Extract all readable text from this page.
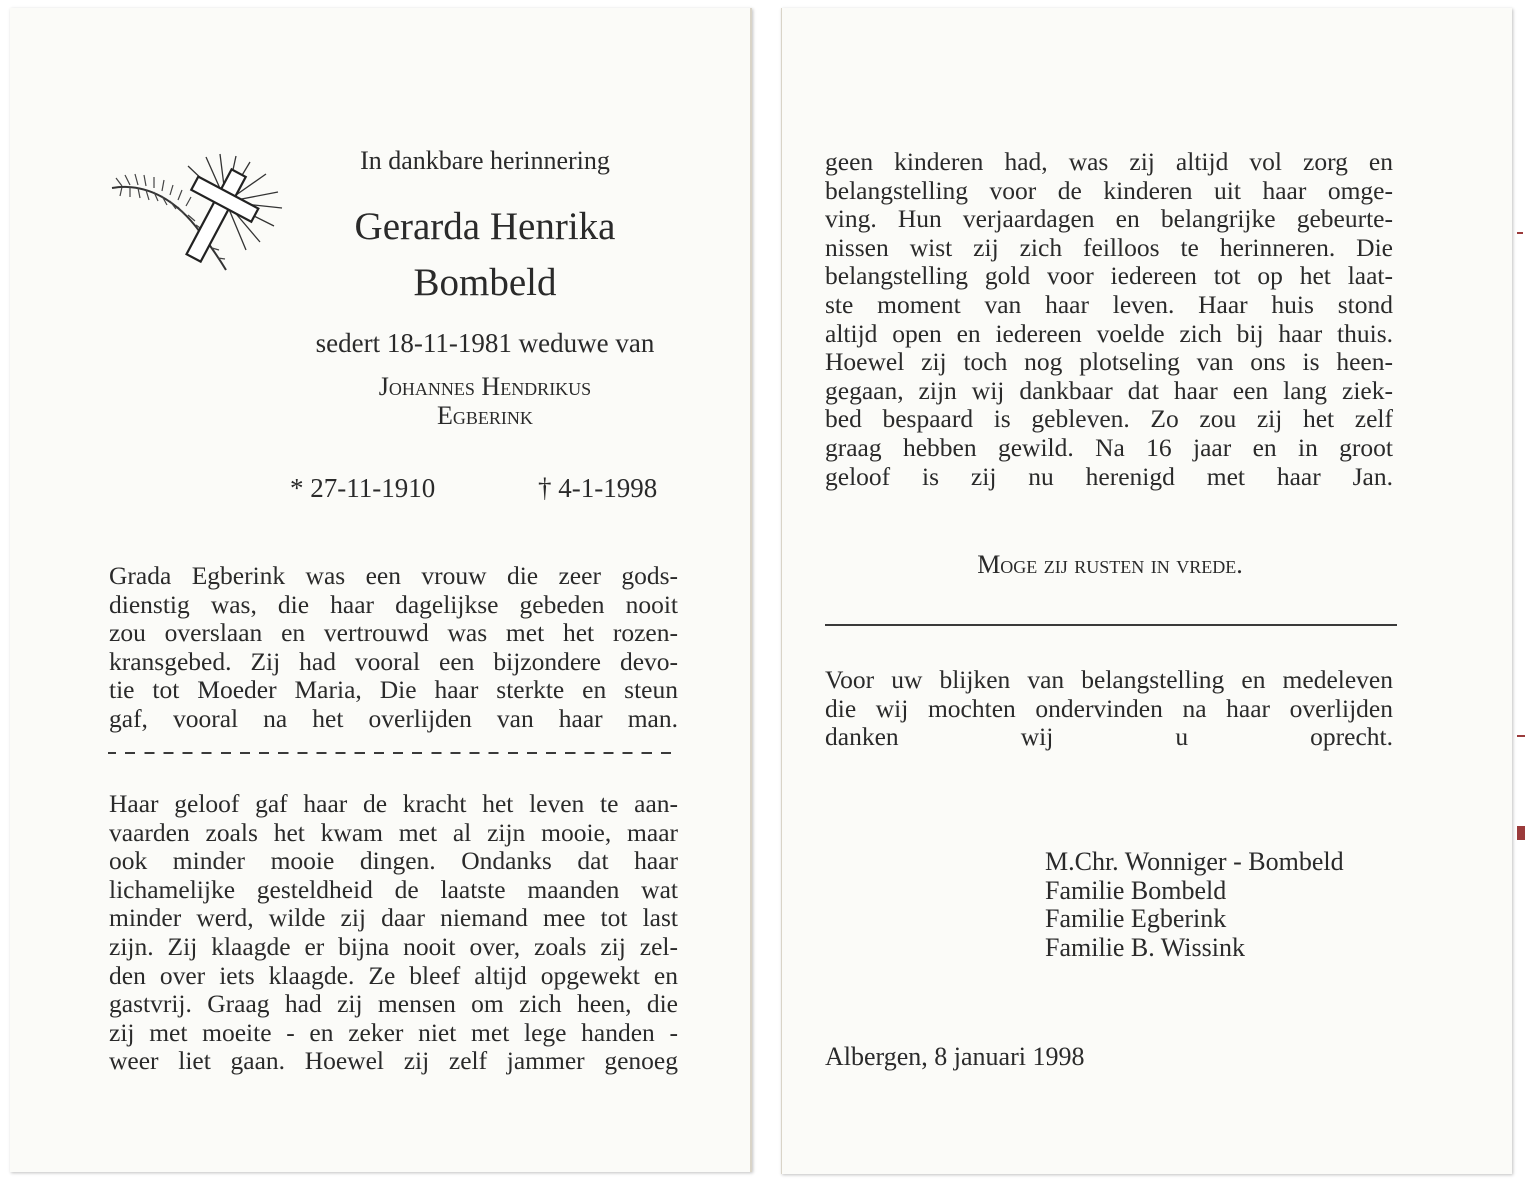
In dankbare herinnering
Gerarda Henrika
Bombeld
sedert 18-11-1981 weduwe van
Johannes Hendrikus
Egberink
* 27-11-1910	† 4-1-1998
Grada Egberink was een vrouw die zeer gods-
dienstig was, die haar dagelijkse gebeden nooit
zou overslaan en vertrouwd was met het rozen-
kransgebed. Zij had vooral een bijzondere devo-
tie tot Moeder Maria, Die haar sterkte en steun
gaf, vooral na het overlijden van haar man.
Haar geloof gaf haar de kracht het leven te aan-
vaarden zoals het kwam met al zijn mooie, maar
ook minder mooie dingen. Ondanks dat haar
lichamelijke gesteldheid de laatste maanden wat
minder werd, wilde zij daar niemand mee tot last
zijn. Zij klaagde er bijna nooit over, zoals zij zel-
den over iets klaagde. Ze bleef altijd opgewekt en
gastvrij. Graag had zij mensen om zich heen, die
zij met moeite - en zeker niet met lege handen -
weer liet gaan. Hoewel zij zelf jammer genoeg
geen kinderen had, was zij altijd vol zorg en
belangstelling voor de kinderen uit haar omge-
ving. Hun verjaardagen en belangrijke gebeurte-
nissen wist zij zich feilloos te herinneren. Die
belangstelling gold voor iedereen tot op het laat-
ste moment van haar leven. Haar huis stond
altijd open en iedereen voelde zich bij haar thuis.
Hoewel zij toch nog plotseling van ons is heen-
gegaan, zijn wij dankbaar dat haar een lang ziek-
bed bespaard is gebleven. Zo zou zij het zelf
graag hebben gewild. Na 16 jaar en in groot
geloof is zij nu herenigd met haar Jan.
Moge zij rusten in vrede.
Voor uw blijken van belangstelling en medeleven
die wij mochten ondervinden na haar overlijden
danken wij u oprecht.
M.Chr. Wonniger - Bombeld
Familie Bombeld
Familie Egberink
Familie B. Wissink
Albergen, 8 januari 1998
